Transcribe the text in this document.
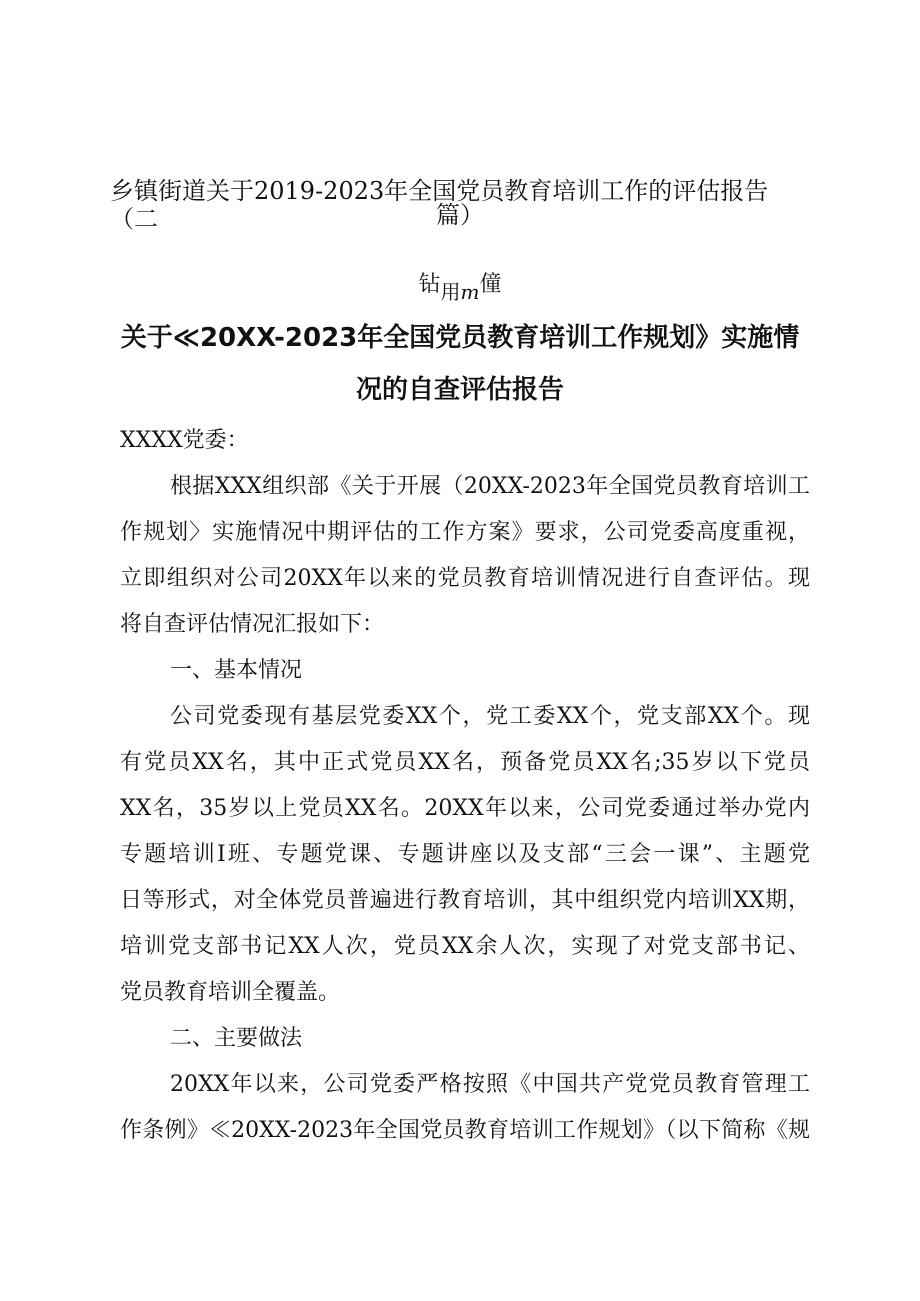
乡镇街道关于2019-2023年全国党员教育培训工作的评估报告（二	篇）
钻用m僮
关于≪20XX-2023年全国党员教育培训工作规划》实施情
况的自查评估报告
XXXX党委：
根据XXX组织部《关于开展（20XX-2023年全国党员教育培训工
作规划〉实施情况中期评估的工作方案》要求，公司党委高度重视，
立即组织对公司20XX年以来的党员教育培训情况进行自查评估。现
将自查评估情况汇报如下：
一、基本情况
公司党委现有基层党委XX个，党工委XX个，党支部XX个。现
有党员XX名，其中正式党员XX名，预备党员XX名;35岁以下党员
XX名，35岁以上党员XX名。20XX年以来，公司党委通过举办党内
专题培训I班、专题党课、专题讲座以及支部“三会一课”、主题党
日等形式，对全体党员普遍进行教育培训，其中组织党内培训XX期，
培训党支部书记XX人次，党员XX余人次，实现了对党支部书记、
党员教育培训全覆盖。
二、主要做法
20XX年以来，公司党委严格按照《中国共产党党员教育管理工
作条例》≪20XX-2023年全国党员教育培训工作规划》（以下简称《规
